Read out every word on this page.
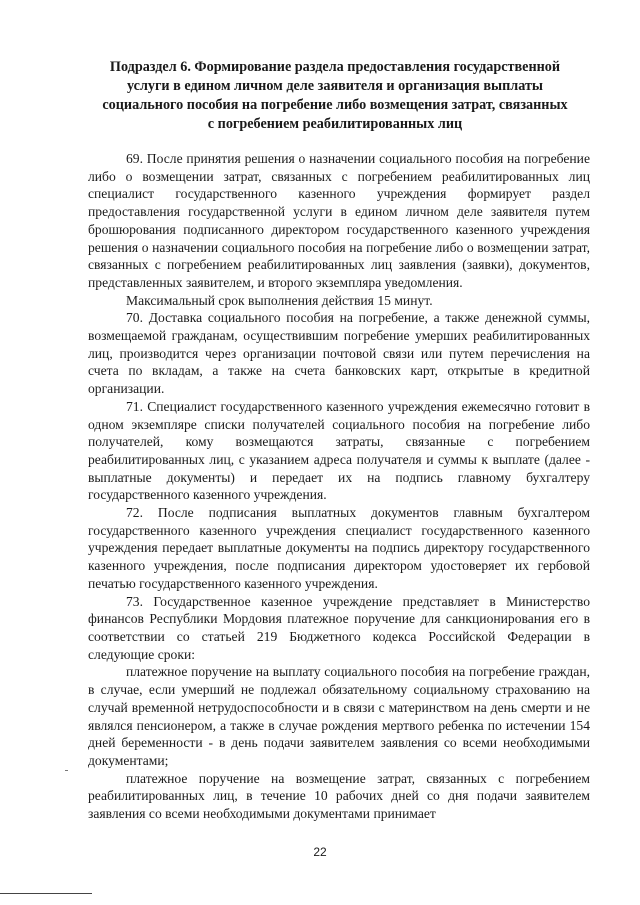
Подраздел 6. Формирование раздела предоставления государственной услуги в едином личном деле заявителя и организация выплаты социального пособия на погребение либо возмещения затрат, связанных с погребением реабилитированных лиц

69. После принятия решения о назначении социального пособия на погребение либо о возмещении затрат, связанных с погребением реабилитированных лиц специалист государственного казенного учреждения формирует раздел предоставления государственной услуги в едином личном деле заявителя путем брошюрования подписанного директором государственного казенного учреждения решения о назначении социального пособия на погребение либо о возмещении затрат, связанных с погребением реабилитированных лиц заявления (заявки), документов, представленных заявителем, и второго экземпляра уведомления.

Максимальный срок выполнения действия 15 минут.

70. Доставка социального пособия на погребение, а также денежной суммы, возмещаемой гражданам, осуществившим погребение умерших реабилитированных лиц, производится через организации почтовой связи или путем перечисления на счета по вкладам, а также на счета банковских карт, открытые в кредитной организации.

71. Специалист государственного казенного учреждения ежемесячно готовит в одном экземпляре списки получателей социального пособия на погребение либо получателей, кому возмещаются затраты, связанные с погребением реабилитированных лиц, с указанием адреса получателя и суммы к выплате (далее - выплатные документы) и передает их на подпись главному бухгалтеру государственного казенного учреждения.

72. После подписания выплатных документов главным бухгалтером государственного казенного учреждения специалист государственного казенного учреждения передает выплатные документы на подпись директору государственного казенного учреждения, после подписания директором удостоверяет их гербовой печатью государственного казенного учреждения.

73. Государственное казенное учреждение представляет в Министерство финансов Республики Мордовия платежное поручение для санкционирования его в соответствии со статьей 219 Бюджетного кодекса Российской Федерации в следующие сроки:

платежное поручение на выплату социального пособия на погребение граждан, в случае, если умерший не подлежал обязательному социальному страхованию на случай временной нетрудоспособности и в связи с материнством на день смерти и не являлся пенсионером, а также в случае рождения мертвого ребенка по истечении 154 дней беременности - в день подачи заявителем заявления со всеми необходимыми документами;

платежное поручение на возмещение затрат, связанных с погребением реабилитированных лиц, в течение 10 рабочих дней со дня подачи заявителем заявления со всеми необходимыми документами принимает

22
